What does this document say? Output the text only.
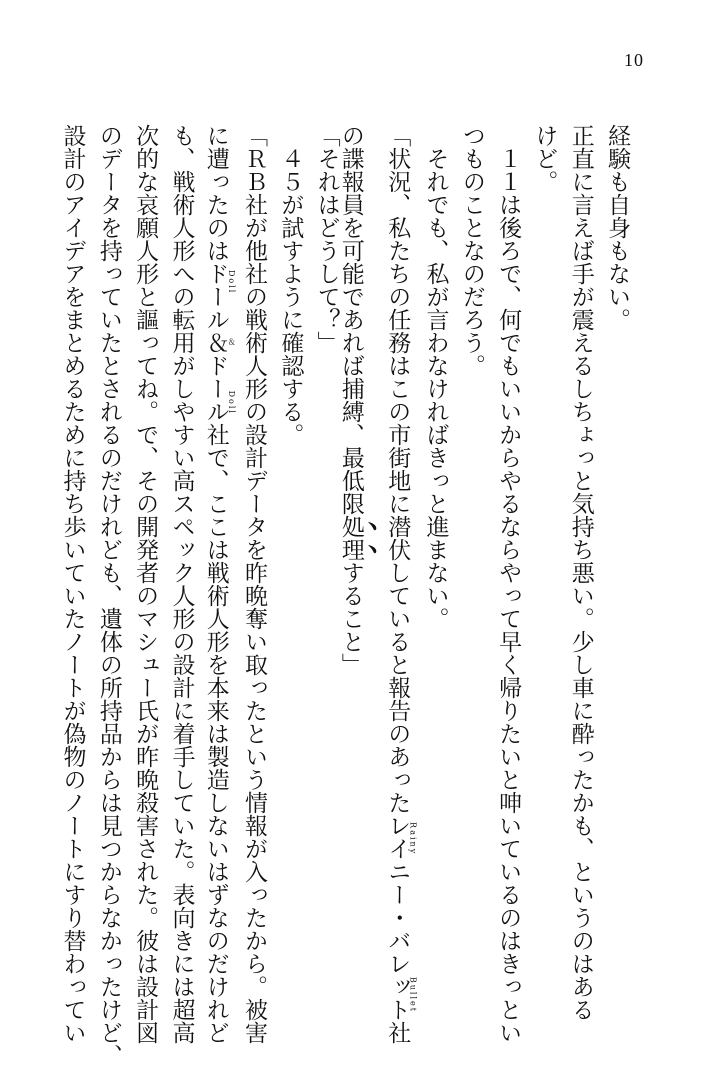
10
経験も自身もない。
正直に言えば手が震えるしちょっと気持ち悪い。少し車に酔ったかも、というのはある
けど。
　１１は後ろで、何でもいいからやるならやって早く帰りたいと呻いているのはきっとい
つものことなのだろう。
　それでも、私が言わなければきっと進まない。
「状況、私たちの任務はこの市街地に潜伏していると報告のあったレイニー・バレットRainy Bullet社
の諜報員を可能であれば捕縛、最低限処理すること」
「それはどうして？」
　４５が試すように確認する。
「ＲＢ社が他社の戦術人形の設計データを昨晩奪い取ったという情報が入ったから。被害
に遭ったのはドール＆ドールDoll＆Doll社で、ここは戦術人形を本来は製造しないはずなのだけれど
も、戦術人形への転用がしやすい高スペック人形の設計に着手していた。表向きには超高
次的な哀願人形と謳ってね。で、その開発者のマシュー氏が昨晩殺害された。彼は設計図
のデータを持っていたとされるのだけれども、遺体の所持品からは見つからなかったけど、
設計のアイデアをまとめるために持ち歩いていたノートが偽物のノートにすり替わってい
